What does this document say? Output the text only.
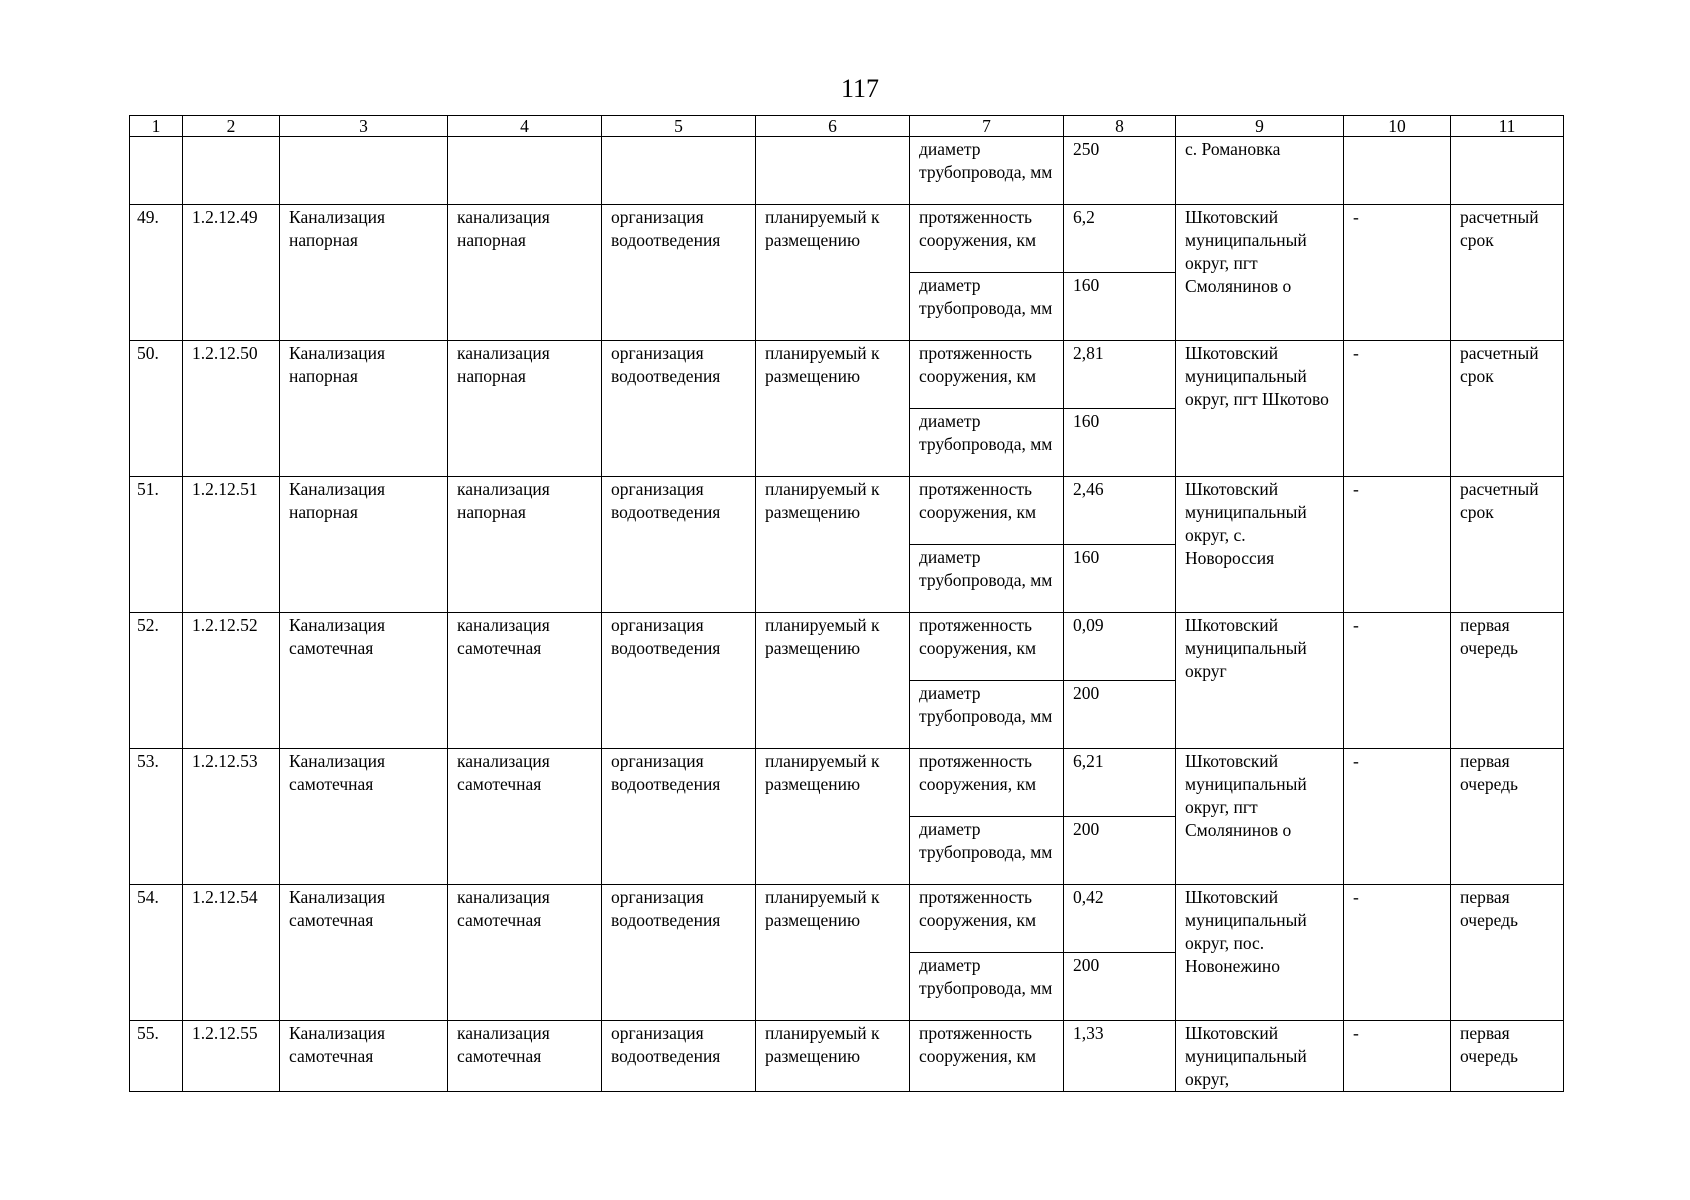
117
1	2	3	4	5	6	7	8	9	10	11
						диаметр трубопровода, мм	250	с. Романовка		
49.	1.2.12.49	Канализация напорная	канализация напорная	организация водоотведения	планируемый к размещению	протяженность сооружения, км	6,2	Шкотовский муниципальный округ, пгт Смолянинов о	-	расчетный срок
						диаметр трубопровода, мм	160			
50.	1.2.12.50	Канализация напорная	канализация напорная	организация водоотведения	планируемый к размещению	протяженность сооружения, км	2,81	Шкотовский муниципальный округ, пгт Шкотово	-	расчетный срок
						диаметр трубопровода, мм	160			
51.	1.2.12.51	Канализация напорная	канализация напорная	организация водоотведения	планируемый к размещению	протяженность сооружения, км	2,46	Шкотовский муниципальный округ, с. Новороссия	-	расчетный срок
						диаметр трубопровода, мм	160			
52.	1.2.12.52	Канализация самотечная	канализация самотечная	организация водоотведения	планируемый к размещению	протяженность сооружения, км	0,09	Шкотовский муниципальный округ	-	первая очередь
						диаметр трубопровода, мм	200			
53.	1.2.12.53	Канализация самотечная	канализация самотечная	организация водоотведения	планируемый к размещению	протяженность сооружения, км	6,21	Шкотовский муниципальный округ, пгт Смолянинов о	-	первая очередь
						диаметр трубопровода, мм	200			
54.	1.2.12.54	Канализация самотечная	канализация самотечная	организация водоотведения	планируемый к размещению	протяженность сооружения, км	0,42	Шкотовский муниципальный округ, пос. Новонежино	-	первая очередь
						диаметр трубопровода, мм	200			
55.	1.2.12.55	Канализация самотечная	канализация самотечная	организация водоотведения	планируемый к размещению	протяженность сооружения, км	1,33	Шкотовский муниципальный округ,	-	первая очередь
